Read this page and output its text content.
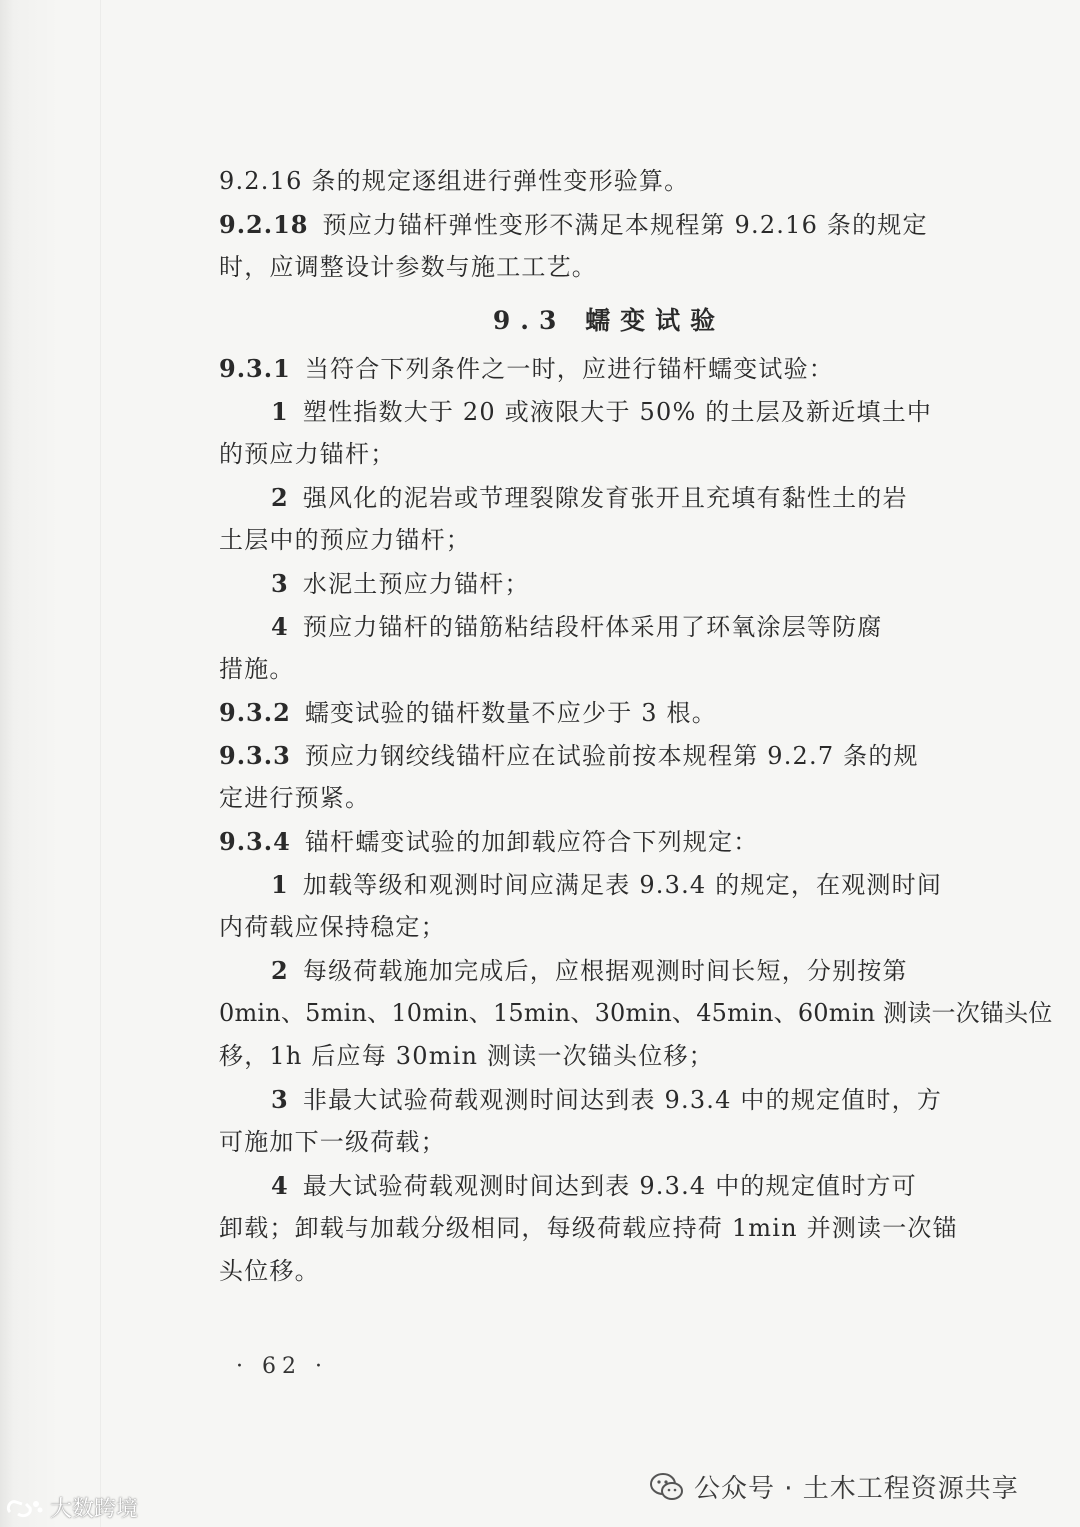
9.2.16 条的规定逐组进行弹性变形验算。
9.2.18 预应力锚杆弹性变形不满足本规程第 9.2.16 条的规定
时，应调整设计参数与施工工艺。
9.3 蠕变试验
9.3.1 当符合下列条件之一时，应进行锚杆蠕变试验：
1 塑性指数大于 20 或液限大于 50% 的土层及新近填土中
的预应力锚杆；
2 强风化的泥岩或节理裂隙发育张开且充填有黏性土的岩
土层中的预应力锚杆；
3 水泥土预应力锚杆；
4 预应力锚杆的锚筋粘结段杆体采用了环氧涂层等防腐
措施。
9.3.2 蠕变试验的锚杆数量不应少于 3 根。
9.3.3 预应力钢绞线锚杆应在试验前按本规程第 9.2.7 条的规
定进行预紧。
9.3.4 锚杆蠕变试验的加卸载应符合下列规定：
1 加载等级和观测时间应满足表 9.3.4 的规定，在观测时间
内荷载应保持稳定；
2 每级荷载施加完成后，应根据观测时间长短，分别按第
0min、5min、10min、15min、30min、45min、60min 测读一次锚头位
移，1h 后应每 30min 测读一次锚头位移；
3 非最大试验荷载观测时间达到表 9.3.4 中的规定值时，方
可施加下一级荷载；
4 最大试验荷载观测时间达到表 9.3.4 中的规定值时方可
卸载；卸载与加载分级相同，每级荷载应持荷 1min 并测读一次锚
头位移。
· 62 ·
大数跨境
公众号 · 土木工程资源共享
